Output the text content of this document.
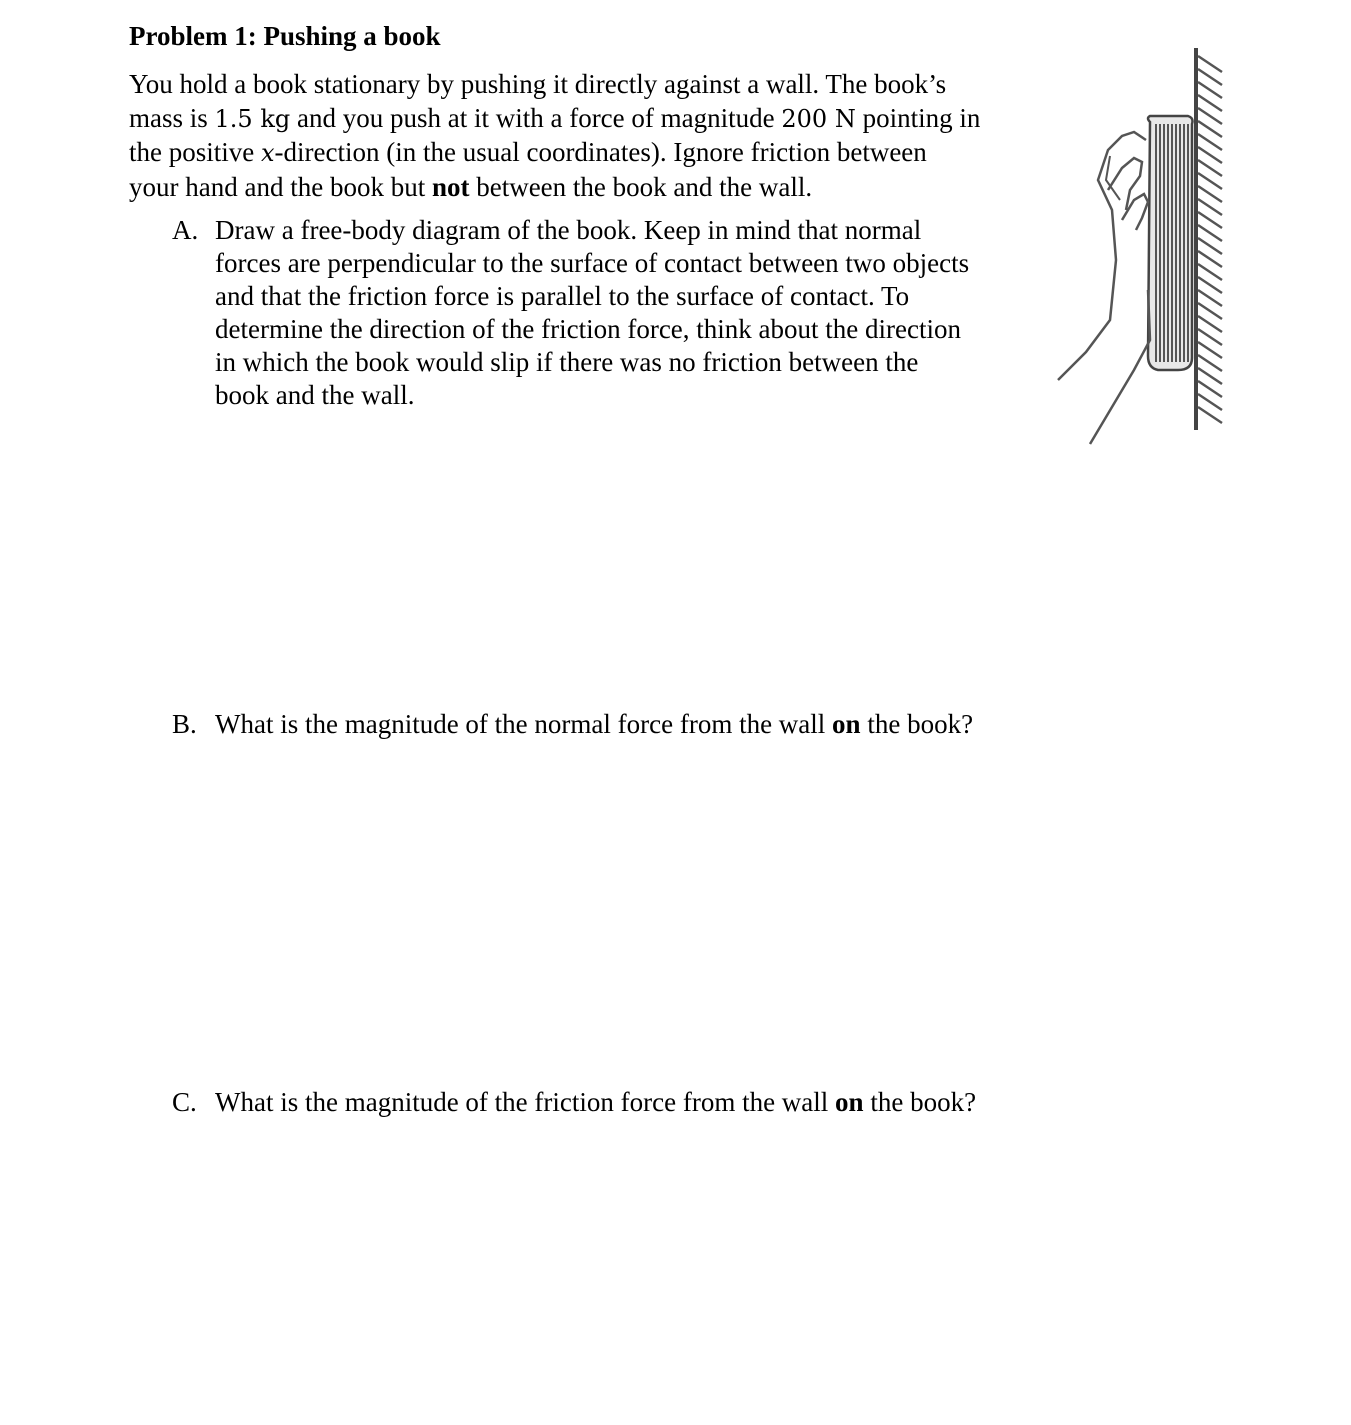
Problem 1: Pushing a book
You hold a book stationary by pushing it directly against a wall. The book’s
mass is 1.5 kg and you push at it with a force of magnitude 200 N pointing in
the positive x-direction (in the usual coordinates). Ignore friction between
your hand and the book but not between the book and the wall.
A. Draw a free-body diagram of the book. Keep in mind that normal
forces are perpendicular to the surface of contact between two objects
and that the friction force is parallel to the surface of contact. To
determine the direction of the friction force, think about the direction
in which the book would slip if there was no friction between the
book and the wall.
B. What is the magnitude of the normal force from the wall on the book?
C. What is the magnitude of the friction force from the wall on the book?
